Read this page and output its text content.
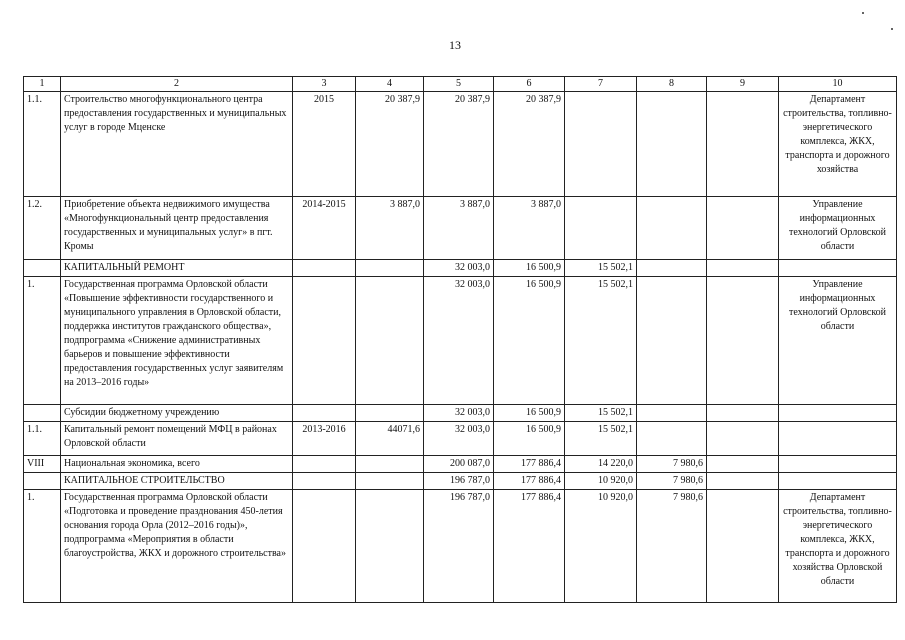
13
1	2	3	4	5	6	7	8	9	10
1.1.	Строительство многофункционального центра предоставления государственных и муниципальных услуг в городе Мценске	2015	20 387,9	20 387,9	20 387,9				Департамент строительства, топливно-энергетического комплекса, ЖКХ, транспорта и дорожного хозяйства
1.2.	Приобретение объекта недвижимого имущества «Многофункциональный центр предоставления государственных и муниципальных услуг» в пгт. Кромы	2014-2015	3 887,0	3 887,0	3 887,0				Управление информационных технологий Орловской области
	КАПИТАЛЬНЫЙ РЕМОНТ			32 003,0	16 500,9	15 502,1			
1.	Государственная программа Орловской области «Повышение эффективности государственного и муниципального управления в Орловской области, поддержка институтов гражданского общества», подпрограмма «Снижение административных барьеров и повышение эффективности предоставления государственных услуг заявителям на 2013–2016 годы»			32 003,0	16 500,9	15 502,1			Управление информационных технологий Орловской области
	Субсидии бюджетному учреждению			32 003,0	16 500,9	15 502,1			
1.1.	Капитальный ремонт помещений МФЦ в районах Орловской области	2013-2016	44071,6	32 003,0	16 500,9	15 502,1			
VIII	Национальная экономика, всего			200 087,0	177 886,4	14 220,0	7 980,6		
	КАПИТАЛЬНОЕ СТРОИТЕЛЬСТВО			196 787,0	177 886,4	10 920,0	7 980,6		
1.	Государственная программа Орловской области «Подготовка и проведение празднования 450-летия основания города Орла (2012–2016 годы)», подпрограмма «Мероприятия в области благоустройства, ЖКХ и дорожного строительства»			196 787,0	177 886,4	10 920,0	7 980,6		Департамент строительства, топливно-энергетического комплекса, ЖКХ, транспорта и дорожного хозяйства Орловской области
